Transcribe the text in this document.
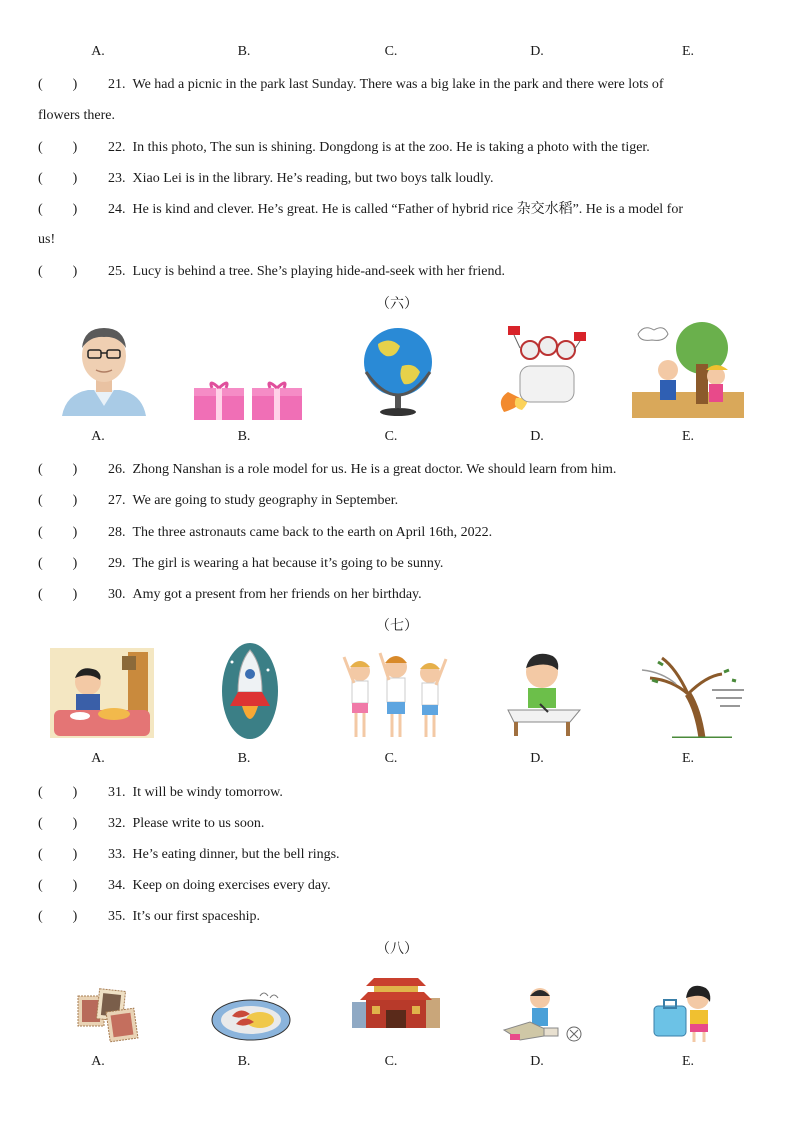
A.	B.	C.	D.	E.
( ) 21. We had a picnic in the park last Sunday. There was a big lake in the park and there were lots of
flowers there.
( ) 22. In this photo, The sun is shining. Dongdong is at the zoo. He is taking a photo with the tiger.
( ) 23. Xiao Lei is in the library. He’s reading, but two boys talk loudly.
( ) 24. He is kind and clever. He’s great. He is called “Father of hybrid rice 杂交水稻”. He is a model for
us!
( ) 25. Lucy is behind a tree. She’s playing hide-and-seek with her friend.
（六）
A.	B.	C.	D.	E.
( ) 26. Zhong Nanshan is a role model for us. He is a great doctor. We should learn from him.
( ) 27. We are going to study geography in September.
( ) 28. The three astronauts came back to the earth on April 16th, 2022.
( ) 29. The girl is wearing a hat because it’s going to be sunny.
( ) 30. Amy got a present from her friends on her birthday.
（七）
A.	B.	C.	D.	E.
( ) 31. It will be windy tomorrow.
( ) 32. Please write to us soon.
( ) 33. He’s eating dinner, but the bell rings.
( ) 34. Keep on doing exercises every day.
( ) 35. It’s our first spaceship.
（八）
A.	B.	C.	D.	E.
